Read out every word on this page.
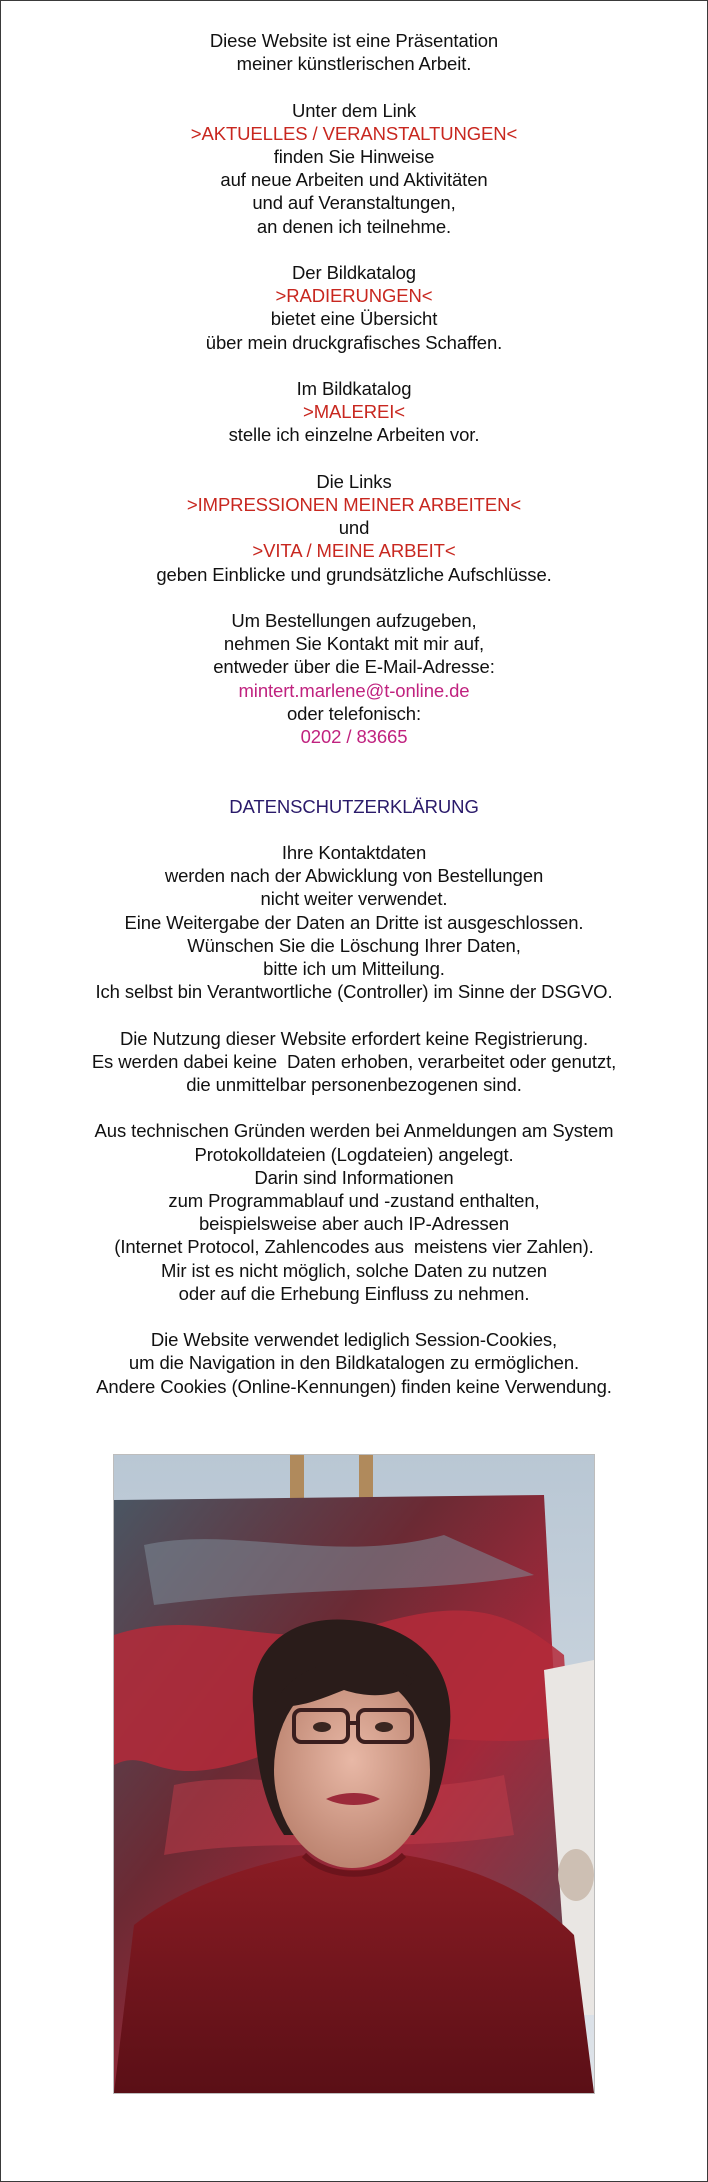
Diese Website ist eine Präsentation
meiner künstlerischen Arbeit.
Unter dem Link
>AKTUELLES / VERANSTALTUNGEN<
finden Sie Hinweise
auf neue Arbeiten und Aktivitäten
und auf Veranstaltungen,
an denen ich teilnehme.
Der Bildkatalog
>RADIERUNGEN<
bietet eine Übersicht
über mein druckgrafisches Schaffen.
Im Bildkatalog
>MALEREI<
stelle ich einzelne Arbeiten vor.
Die Links
>IMPRESSIONEN MEINER ARBEITEN<
und
>VITA / MEINE ARBEIT<
geben Einblicke und grundsätzliche Aufschlüsse.
Um Bestellungen aufzugeben,
nehmen Sie Kontakt mit mir auf,
entweder über die E-Mail-Adresse:
mintert.marlene@t-online.de
oder telefonisch:
0202 / 83665
DATENSCHUTZERKLÄRUNG
Ihre Kontaktdaten
werden nach der Abwicklung von Bestellungen
nicht weiter verwendet.
Eine Weitergabe der Daten an Dritte ist ausgeschlossen.
Wünschen Sie die Löschung Ihrer Daten,
bitte ich um Mitteilung.
Ich selbst bin Verantwortliche (Controller) im Sinne der DSGVO.
Die Nutzung dieser Website erfordert keine Registrierung.
Es werden dabei keine  Daten erhoben, verarbeitet oder genutzt,
die unmittelbar personenbezogenen sind.
Aus technischen Gründen werden bei Anmeldungen am System
Protokolldateien (Logdateien) angelegt.
Darin sind Informationen
zum Programmablauf und -zustand enthalten,
beispielsweise aber auch IP-Adressen
(Internet Protocol, Zahlencodes aus  meistens vier Zahlen).
Mir ist es nicht möglich, solche Daten zu nutzen
oder auf die Erhebung Einfluss zu nehmen.
Die Website verwendet lediglich Session-Cookies,
um die Navigation in den Bildkatalogen zu ermöglichen.
Andere Cookies (Online-Kennungen) finden keine Verwendung.
